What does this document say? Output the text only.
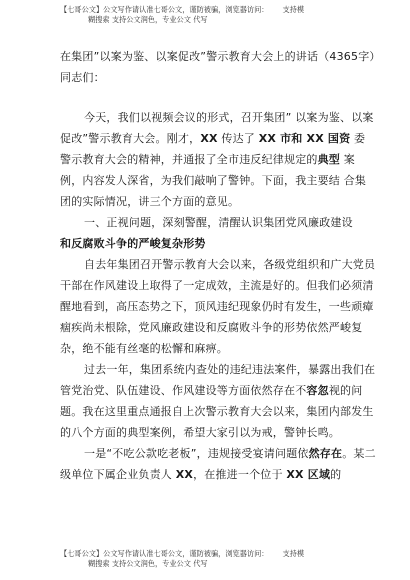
【七哥公文】公文写作请认准七哥公文，谨防被骗，浏览器访问： 支持模
糊搜索 支持公文润色，专业公文 代写

在集团”以案为鉴、以案促改”警示教育大会上的讲话（4365字）

同志们：

今天，我们以视频会议的形式，召开集团” 以案为鉴、以案促改”警示教育大会。刚才，XX 传达了 XX 市和 XX 国资 委警示教育大会的精神，并通报了全市违反纪律规定的典型 案例，内容发人深省，为我们敲响了警钟。下面，我主要结 合集团的实际情况，讲三个方面的意见。

一、正视问题，深刻警醒，清醒认识集团党风廉政建设
和反腐败斗争的严峻复杂形势

自去年集团召开警示教育大会以来，各级党组织和广大党员干部在作风建设上取得了一定成效，主流是好的。但我们必须清醒地看到，高压态势之下，顶风违纪现象仍时有发生，一些顽瘴痼疾尚未根除，党风廉政建设和反腐败斗争的形势依然严峻复杂，绝不能有丝毫的松懈和麻痹。

过去一年，集团系统内查处的违纪违法案件，暴露出我们在管党治党、队伍建设、作风建设等方面依然存在不容忽视的问题。我在这里重点通报自上次警示教育大会以来，集团内部发生的八个方面的典型案例，希望大家引以为戒，警钟长鸣。

一是“不吃公款吃老板”，违规接受宴请问题依然存在。某二级单位下属企业负责人 XX，在推进一个位于 XX 区域的

【七哥公文】公文写作请认准七哥公文，谨防被骗，浏览器访问： 支持模
糊搜索 支持公文润色，专业公文 代写
